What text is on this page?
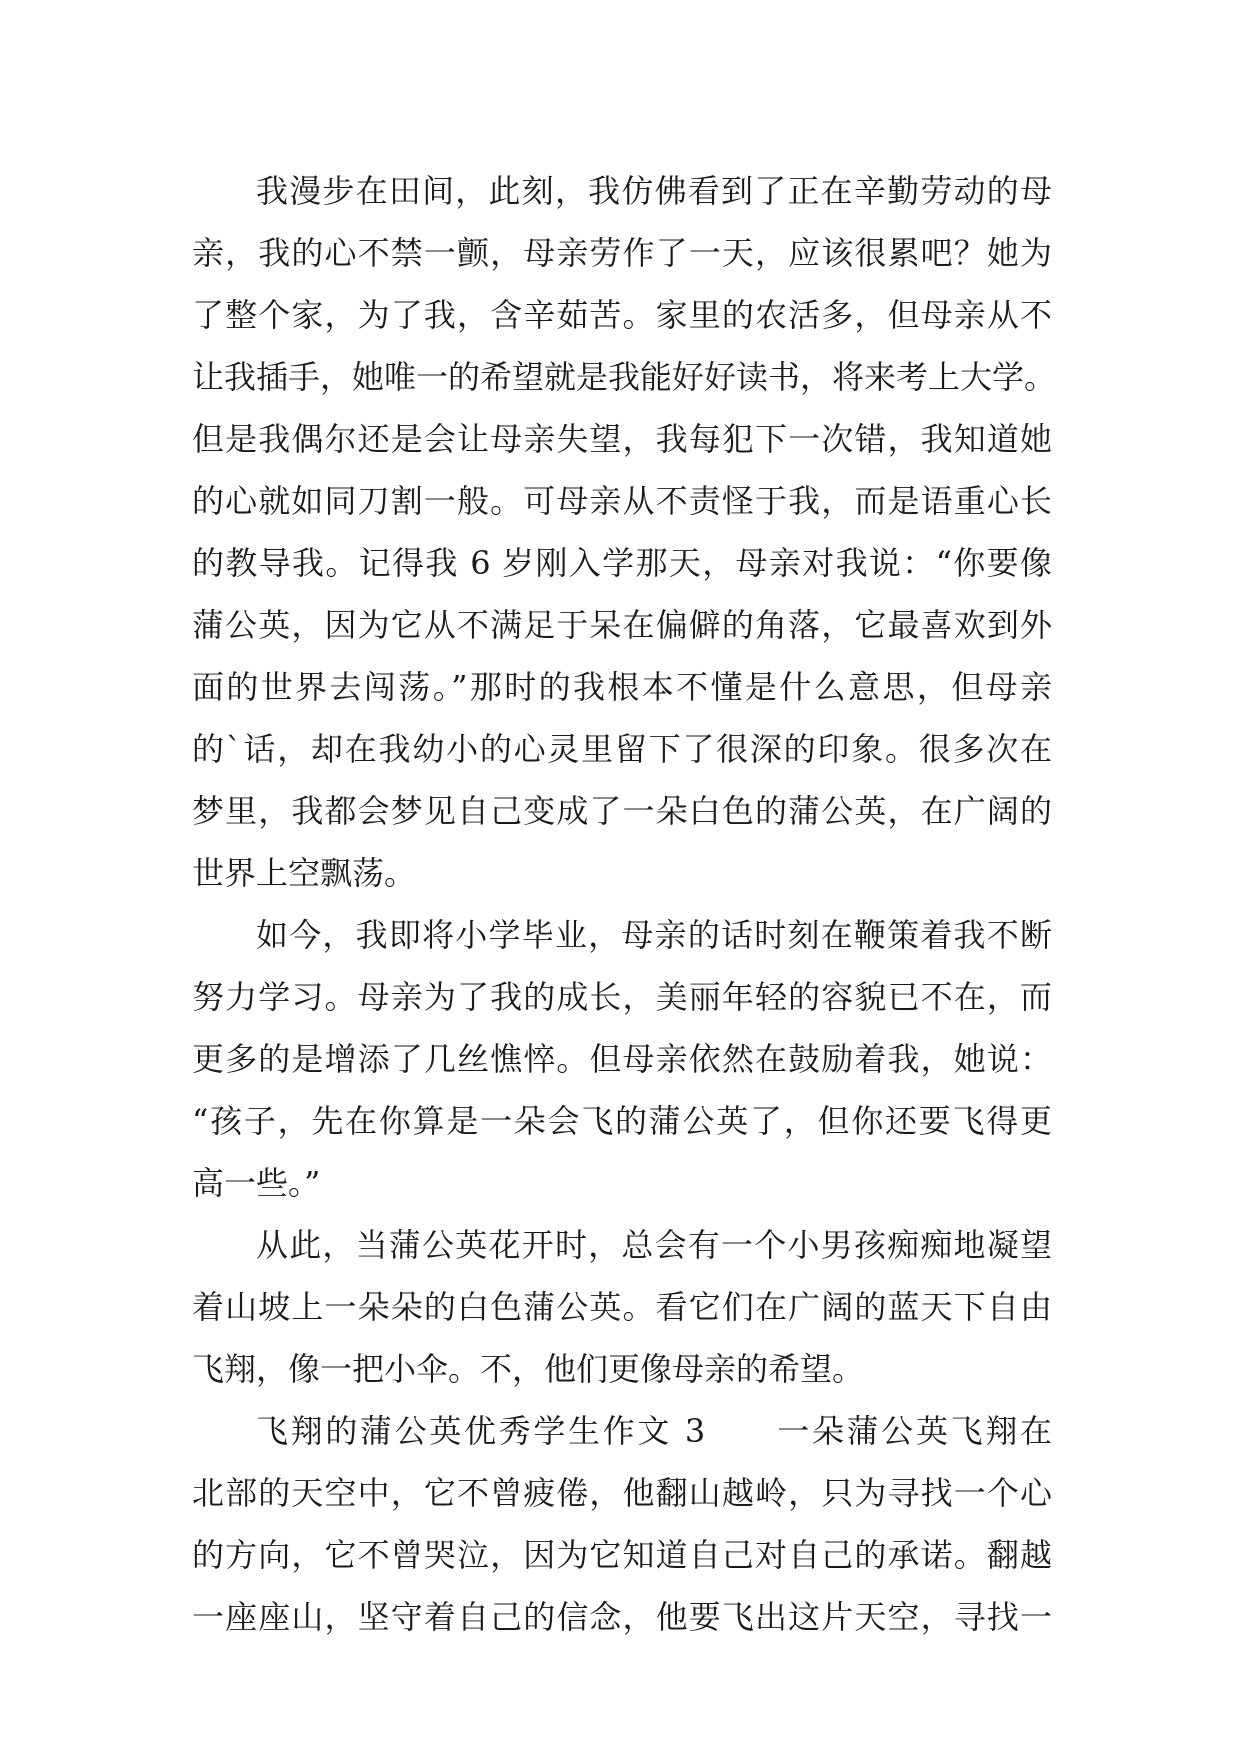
我漫步在田间，此刻，我仿佛看到了正在辛勤劳动的母
亲，我的心不禁一颤，母亲劳作了一天，应该很累吧？她为
了整个家，为了我，含辛茹苦。家里的农活多，但母亲从不
让我插手，她唯一的希望就是我能好好读书，将来考上大学。
但是我偶尔还是会让母亲失望，我每犯下一次错，我知道她
的心就如同刀割一般。可母亲从不责怪于我，而是语重心长
的教导我。记得我 6 岁刚入学那天，母亲对我说：“你要像
蒲公英，因为它从不满足于呆在偏僻的角落，它最喜欢到外
面的世界去闯荡。”那时的我根本不懂是什么意思，但母亲
的`话，却在我幼小的心灵里留下了很深的印象。很多次在
梦里，我都会梦见自己变成了一朵白色的蒲公英，在广阔的
世界上空飘荡。
如今，我即将小学毕业，母亲的话时刻在鞭策着我不断
努力学习。母亲为了我的成长，美丽年轻的容貌已不在，而
更多的是增添了几丝憔悴。但母亲依然在鼓励着我，她说：
“孩子，先在你算是一朵会飞的蒲公英了，但你还要飞得更
高一些。”
从此，当蒲公英花开时，总会有一个小男孩痴痴地凝望
着山坡上一朵朵的白色蒲公英。看它们在广阔的蓝天下自由
飞翔，像一把小伞。不，他们更像母亲的希望。
飞翔的蒲公英优秀学生作文 3　　一朵蒲公英飞翔在
北部的天空中，它不曾疲倦，他翻山越岭，只为寻找一个心
的方向，它不曾哭泣，因为它知道自己对自己的承诺。翻越
一座座山，坚守着自己的信念，他要飞出这片天空，寻找一
